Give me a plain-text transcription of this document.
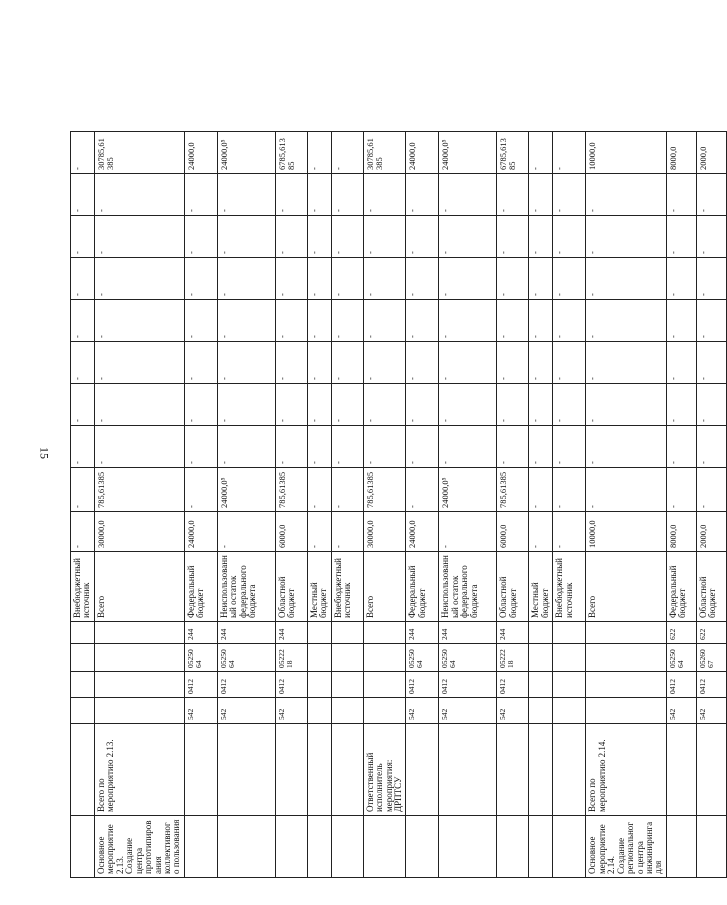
15
						Внебюджетный источник	-	-	-	-	-	-	-	-	-	-
Основное мероприятие 2.13. Создание центра прототипирования коллективного пользования	Всего по мероприятию 2.13.					Всего	30000,0	785,61385	-	-	-	-	-	-	-	30785,61385
		542	0412	05250 64	244	Федеральный бюджет	24000,0	-	-	-	-	-	-	-	-	24000,0
		542	0412	05250 64	244	Неиспользованный остаток федерального бюджета	-	24000,0⁵	-	-	-	-	-	-	-	24000,0⁵
		542	0412	05222 18	244	Областной бюджет	6000,0	785,61385	-	-	-	-	-	-	-	6785,61385
						Местный бюджет	-	-	-	-	-	-	-	-	-	-
						Внебюджетный источник	-	-	-	-	-	-	-	-	-	-
	Ответственный исполнитель мероприятия: ДРПТСУ					Всего	30000,0	785,61385	-	-	-	-	-	-	-	30785,61385
		542	0412	05250 64	244	Федеральный бюджет	24000,0	-	-	-	-	-	-	-	-	24000,0
		542	0412	05250 64	244	Неиспользованный остаток федерального бюджета	-	24000,0⁵	-	-	-	-	-	-	-	24000,0⁵
		542	0412	05222 18	244	Областной бюджет	6000,0	785,61385	-	-	-	-	-	-	-	6785,61385
						Местный бюджет	-	-	-	-	-	-	-	-	-	-
						Внебюджетный источник	-	-	-	-	-	-	-	-	-	-
Основное мероприятие 2.14. Создание регионального центра инжиниринга для	Всего по мероприятию 2.14.					Всего	10000,0	-	-	-	-	-	-	-	-	10000,0
		542	0412	05250 64	622	Федеральный бюджет	8000,0	-	-	-	-	-	-	-	-	8000,0
		542	0412	05260 67	622	Областной бюджет	2000,0	-	-	-	-	-	-	-	-	2000,0
